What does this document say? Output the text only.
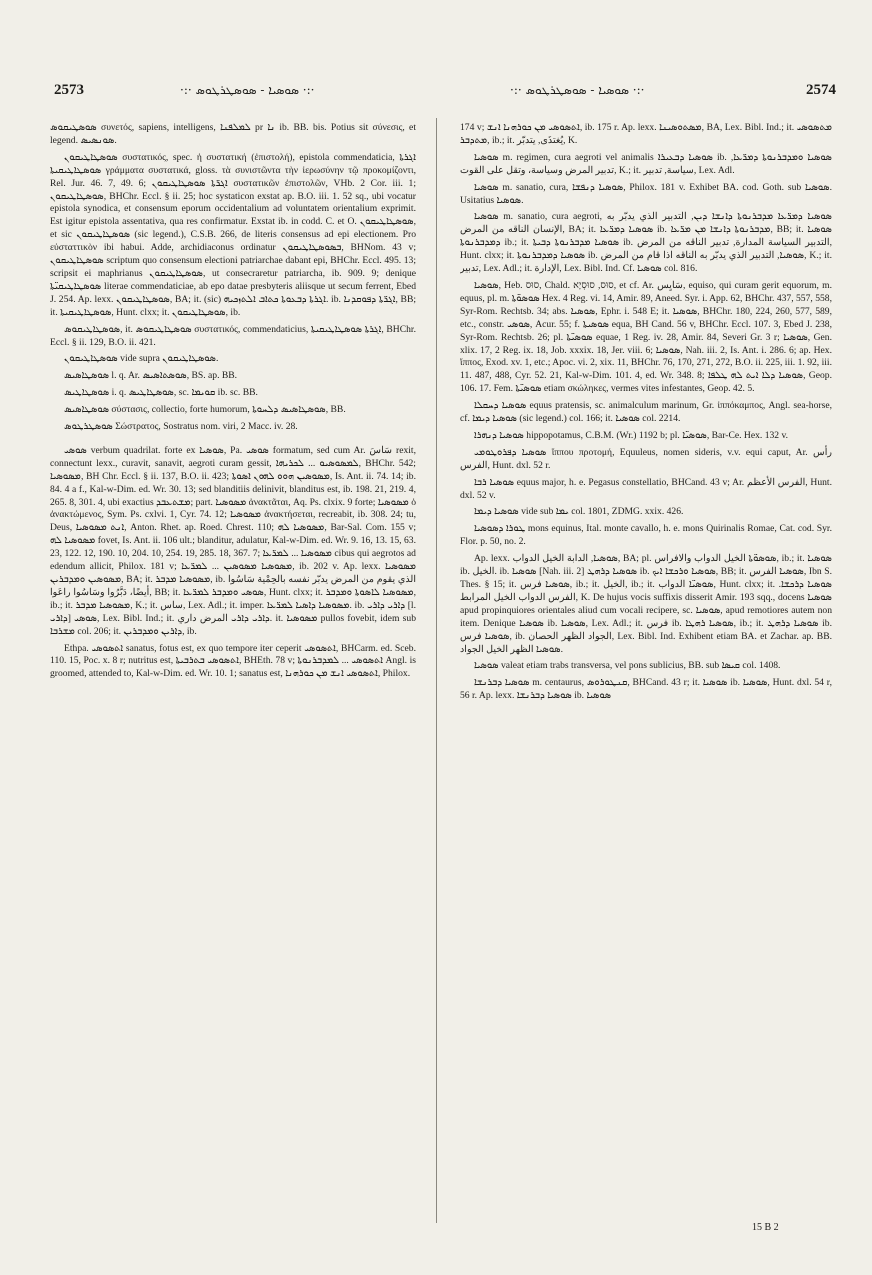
2573	·:· ܣܘܣܝܐ - ܣܘܣܛܪܛܘܣ ·:·	·:· ܣܘܣܝܐ - ܣܘܣܛܪܛܘܣ ·:·	2574

ܣܘܣܛܝܩܘܣ συνετός, sapiens, intelligens, ܠܡܠܦܢܐ pr ܢܐ ib. BB. bis. Potius sit σύνεσις, et legend. ܣܘܢܣܝܣ.

ܣܘܣܛܐܛܝܩܘܢ συστατικός, spec. ἡ συστατική (ἐπιστολή), epistola commendaticia, ܐܓܪܬܐ ܣܘܣܛܐܛܝܩܝܬܐ γράμματα συστατικά, gloss. τὰ συνιστῶντα τὴν ἱερωσύνην τῷ προκομίζοντι, Rel. Jur. 46. 7, 49. 6; ܐܓܪ̈ܬܐ ܣܘܣܛܐܛܝܩܘܢ συστατικῶν ἐπιστολῶν, VHb. 2 Cor. iii. 1; ܣܘܣܛܐܛܝܩܘܢ, BHChr. Eccl. § ii. 25; hoc systaticon exstat ap. B.O. iii. 1. 52 sq., ubi vocatur epistola synodica, et consensum eporum occidentalium ad voluntatem orientalium exprimit. Est igitur epistola assentativa, qua res confirmatur. Exstat ib. in codd. C. et O. ܣܘܣܛܐܛܝܩܘܢ, et sic ܣܘܣܛܐܛܝܩܘܢ (sic legend.), C.S.B. 266, de literis consensus ad epi electionem. Pro εὐσταττικὸν ibi habui. Adde, archidiaconus ordinatur ܒܣܘܣܛܐܛܝܩܘܢ, BHNom. 43 v; ܣܘܣܛܐܛܝܩܘܢ scriptum quo consensum electioni patriarchae dabant epi, BHChr. Eccl. 495. 13; scripsit ei maphrianus ܣܘܣܛܐܛܝܩܘܢ, ut consecraretur patriarcha, ib. 909. 9; denique ܣܘܣܛܐܛܝܩܝ̈ܬܐ literae commendaticiae, ab epo datae presbyteris aliisque ut secum ferrent, Ebed J. 254. Ap. lexx. ܣܘܣܛܐܛܝܩܘܢ, BA; it. (sic) ܐܓܪܬܐ ܕܒܥܘܬܐ ܟܬܐܒ ܐܠܬܙܟܝܗ. ib. ܐܓܪ̈ܬܐ ܕܦܘܩܕܢܐ, BB; it. ܣܘܣܛܐܛܝܩܝܬܐ, Hunt. clxx; it. ܣܘܣܛܐܛܝܩܘܢ, ib.

ܣܘܣܛܐܛܝܩܘܣ, it. ܣܘܣܛܐܛܝܩܘܣ συστατικός, commendaticius, ܐܓܪܬܐ ܣܘܣܛܐܛܝܩܝܬܐ, BHChr. Eccl. § ii. 129, B.O. ii. 421.

ܣܘܣܛܐܛܝܩܘܢ vide supra ܣܘܣܛܐܛܝܩܘܢ.

ܣܘܣܛܐܣܝܣ l. q. Ar. ܣܘܣܬܐܣܝܣ, BS. ap. BB.

ܣܘܣܛܐܛܝܣ i. q. ܣܘܣܛܐܛܝܣ, sc. ܩܘܝܡܐ ib. sc. BB.

ܣܘܣܛܐܣܝܣ σύστασις, collectio, forte humorum, ܣܘܣܛܐܣܝܣ ܕܠܚܘܬܐ, BB.

ܣܘܣܛܪܛܘܣ Σώστρατος, Sostratus nom. viri, 2 Macc. iv. 28.

ܣܘܣܝ verbum quadrilat. forte ex ܣܘܣܝܐ, Pa. ܣܘܣܝ formatum, sed cum Ar. سَاسَ rexit, connectunt lexx., curavit, sanavit, aegroti curam gessit, ܠܡܣܘܣܝܘ ... ܠܟܪܝܗܐ, BHChr. 542; ܡܣܘܣܝܐ, BH Chr. Eccl. § ii. 137, B.O. ii. 423; ܡܣܘܣܝܢ ܗܘܘ ܠܗܘܢ ܐܣܘܬܐ, Is. Ant. ii. 74. 14; ib. 84. 4 a f., Kal-w-Dim. ed. Wr. 30. 13; sed blanditiis delinivit, blanditus est, ib. 198. 21, 219. 4, 265. 8, 301. 4, ubi exactius ܡܫܬܥܒܕ; part. ܡܣܘܣܝܐ ἀνακτᾶται, Aq. Ps. clxix. 9 forte; ܡܣܘܣܝܐ ὁ ἀνακτώμενος, Sym. Ps. cxlvi. 1, Cyr. 74. 12; ܡܣܘܣܝܐ ἀνακτήσεται, recreabit, ib. 308. 24; tu, Deus, ܐܢܬ ܡܣܘܣܝܐ, Anton. Rhet. ap. Roed. Chrest. 110; ܡܣܘܣܝܐ ܠܗ, Bar-Sal. Com. 155 v; ܡܣܘܣܝܐ ܠܗ fovet, Is. Ant. ii. 106 ult.; blanditur, adulatur, Kal-w-Dim. ed. Wr. 9. 16, 13. 15, 63. 23, 122. 12, 190. 10, 204. 10, 254. 19, 285. 18, 367. 7; ܡܣܘܣܝܐ ... ܠܡܪ̈ܥܐ cibus qui aegrotos ad edendum allicit, Philox. 181 v; ܡܣܘܣܝܐ ܡܣܘܣܝܢ ... ܠܡܪ̈ܥܐ, ib. 202 v. Ap. lexx. ܡܣܘܣܝܐ ܡܣܘܣܝܢ ܘܡܕܒܪܝܢ, BA; it. ܡܣܘܣܝܐ ܡܕܒܪ, ib. الذي يقوم من المرض يدبّر نفسه بالحِمْية سَاسُوا أيضًا، دَبَّرُوا وسَاسُوا راعَوا, BB; it. ܣܘܣܝ ܘܡܕܒܪ ܠܡܪ̈ܥܐ, Hunt. clxx; it. ܡܣܘܣܝܐ ܠܐܣܘܬܐ ܘܡܕܒܪ, ib.; it. ܡܣܘܣܝܐ ܡܕܒܪ, K.; it. ساس, Lex. Adl.; it. imper. ܡܣܘܣܝܐ ܕܐܣܝܐ ܠܡܪ̈ܥܐ. ib. ܕܐܪܝ ܕܐܪܝ [l. ܕܐܪܝ] ܣܘܣܝ, Lex. Bibl. Ind.; it. ܕܐܪܝ ܕܐܪܝ المرض داري. it. ܡܣܘܣܝܐ pullos fovebit, idem sub ܡܫܪܒܐ col. 206; it. ܕܐܪܝܢ ܘܡܕܒܪܝܢ, ib.

Ethpa. ܐܬܣܘܣܝ sanatus, fotus est, ex quo tempore iter ceperit ܐܬܣܘܣܝ, BHCarm. ed. Sceb. 110. 15, Poc. x. 8 r; nutritus est, ܐܬܣܘܣܝ ܒܬܪܒܝܬܐ, BHEth. 78 v; ܐܬܣܘܣܝ ... ܠܡܕܒܪܢܘܬܐ Angl. is groomed, attended to, Kal-w-Dim. ed. Wr. 10. 1; sanatus est, ܐܬܣܘܣܝ ܐܢܫ ܡܢ ܟܘܪܗܢܐ, Philox.

174 v; ܐܬܣܘܣܝ ܡܢ ܟܘܪܗܢܐ ܐܢܫ, ib. 175 r. Ap. lexx. ܡܣܬܘܣܝܢܐ, BA, Lex. Bibl. Ind.; it. ܡܬܣܘܣܝ ܡܬܕܒܪ, ib.; it. يُغتذَى, يتدبّر, K.

ܣܘܣܝܐ m. regimen, cura aegroti vel animalis ܣܘܣܝܐ ܕܒܥܝܪܐ ib. ܣܘܣܝܐ ܘܡܕܒܪܢܘܬܐ ܕܡܪ̈ܥܐ, تدبير المرض وسياسة، وتقل على القوت, K.; it. سياسة, تدبير, Lex. Adl.

ܣܘܣܝܐ m. sanatio, cura, ܣܘܣܝܐ ܕܢܦܫܐ, Philox. 181 v. Exhibet BA. cod. Goth. sub ܣܘܣܝܐ. Usitatius ܣܘܣܝܐ.

ܣܘܣܝܐ m. sanatio, cura aegroti, ܣܘܣܝܐ ܕܡܪ̈ܥܐ ܡܕܒܪܢܘܬܐ ܕܐܢܫܐ ܕܝܢ, التدبير الذي يدبّر به الإنسان الناقه من المرض, BA; it. ܣܘܣܝܐ ܕܡܪ̈ܥܐ ib. ܡܕܒܪܢܘܬܐ ܕܐܢܫܐ ܡܢ ܡܪ̈ܥܐ, BB; it. ܣܘܣܝܐ ܕܡܕܒܪܢܘܬܐ ib.; it. ܣܘܣܝܐ ܡܕܒܪܢܘܬܐ ܕܒܝܬܐ ib. التدبير السياسة المدارة, تدبير الناقه من المرض, Hunt. clxx; it. ܣܘܣܝܐ ܕܡܕܒܪܢܘܬܐ ib. ܣܘܣܝܐ, التدبير الذي يدبّر به الناقه اذا قام من المرض, K.; it. تدبير, Lex. Adl.; it. الإدارة, Lex. Bibl. Ind. Cf. ܣܘܣܝܐ col. 816.

ܣܘܣܝܐ, Heb. סוּס, Chald. סוּס, סוּסְיָא, et cf. Ar. سَايِس, equiso, qui curam gerit equorum, m. equus, pl. m. ܣܘܣܘ̈ܬܐ Hex. 4 Reg. vi. 14, Amir. 89, Aneed. Syr. i. App. 62, BHChr. 437, 557, 558, Syr-Rom. Rechtsb. 34; abs. ܣܘܣܝܐ, Ephr. i. 548 E; it. ܣܘܣܝܐ, BHChr. 180, 224, 260, 577, 589, etc., constr. ܣܘܣܝ, Acur. 55; f. ܣܘܣܝܬܐ equa, BH Cand. 56 v, BHChr. Eccl. 107. 3, Ebed J. 238, Syr-Rom. Rechtsb. 26; pl. ܣܘܣܝ̈ܬܐ equae, 1 Reg. iv. 28, Amir. 84, Severi Gr. 3 r; ܣܘܣܝܐ, Gen. xlix. 17, 2 Reg. ix. 18, Job. xxxix. 18, Jer. viii. 6; ܣܘܣܝܐ, Nah. iii. 2, Is. Ant. i. 286. 6; ap. Hex. ἵππος, Exod. xv. 1, etc.; Apoc. vi. 2, xix. 11, BHChr. 76, 170, 271, 272, B.O. ii. 225, iii. 1. 92, iii. 11. 487, 488, Cyr. 52. 21, Kal-w-Dim. 101. 4, ed. Wr. 348. 8; ܣܘܣܝܐ ܕܠܐ ܐܝܬ ܠܗ ܛܠܦܐ, Geop. 106. 17. Fem. ܣܘܣܝ̈ܬܐ etiam σκώληκες, vermes vites infestantes, Geop. 42. 5.

ܣܘܣܝܐ ܕܚܩܠܐ equus pratensis, sc. animalculum marinum, Gr. ἱππόκαμπος, Angl. sea-horse, cf. ܣܘܣܝܐ ܕܝܡܐ (sic legend.) col. 166; it. ܣܘܣܝܐ col. 2214.

ܣܘܣܝܐ ܕܢܗܪܐ hippopotamus, C.B.M. (Wr.) 1192 b; pl. ܣܘܣܝ̈ܐ, Bar-Ce. Hex. 132 v.

ܣܘܣܝܐ ܕܦܪܘܛܘܡܝ ἵππου προτομή, Equuleus, nomen sideris, v.v. equi caput, Ar. رأس الفرس, Hunt. dxl. 52 r.

ܣܘܣܝܐ ܪܒܐ equus major, h. e. Pegasus constellatio, BHCand. 43 v; Ar. الفرس الأعظم, Hunt. dxl. 52 v.

ܣܘܣܝܐ ܕܝܡܐ vide sub ܝܡܐ col. 1801, ZDMG. xxix. 426.

ܛܘܪܐ ܕܣܘܣܝܐ mons equinus, Ital. monte cavallo, h. e. mons Quirinalis Romae, Cat. cod. Syr. Flor. p. 50, no. 2.

Ap. lexx. ܣܘܣܝܐ, الدابة الخيل الدواب, BA; pl. ܣܘܣܘ̈ܬܐ الخيل الدواب والافراس, ib.; it. ܣܘܣܝܐ ib. الخيل. ib. ܣܘܣܝܐ [Nah. iii. 2] ܣܘܣܝܐ ܕܪܗܛ ib. ܣܘܣܝܐ ܘܪܟܫܐ ܐܝܟ, BB; it. ܣܘܣܝܐ الفرس, Ibn S. Thes. § 15; it. ܣܘܣܝܐ فرس, ib.; it. الخيل, ib.; it. ܣܘܣܝ̈ܐ الدواب, Hunt. clxx; it. ܣܘܣܝܐ ܕܪܟܫܐ. الفرس الدواب الخيل المرابط, K. De hujus vocis suffixis disserit Amir. 193 sqq., docens ܣܘܣܝܐ apud propinquiores orientales aliud cum vocali recipere, sc. ܣܘܣܝܐ, apud remotiores autem non item. Denique ܣܘܣܝܐ ib. ܣܘܣܝܐ, Lex. Adl.; it. فرس ib. ܣܘܣܝܐ ܪܗܛܐ, ib.; it. ܣܘܣܝܐ ܕܪܗܛ ib. ܣܘܣܝܐ فرس, ib. الجواد الظهر الحصان, Lex. Bibl. Ind. Exhibent etiam BA. et Zachar. ap. BB. ܣܘܣܝܐ الظهر الخيل الجواد.

ܣܘܣܝܐ valeat etiam trabs transversa, vel pons sublicius, BB. sub ܩܝܣܐ col. 1408.

ܣܘܣܝܐ ܕܒܪܢܫܐ m. centaurus, ܩܢܛܘܪܘܣ, BHCand. 43 r; it. ܣܘܣܝܐ ib. ܣܘܣܝܐ, Hunt. dxl. 54 r, 56 r. Ap. lexx. ܣܘܣܝܐ ܕܒܪܢܫܐ ib. ܣܘܣܝܐ

15 B 2
